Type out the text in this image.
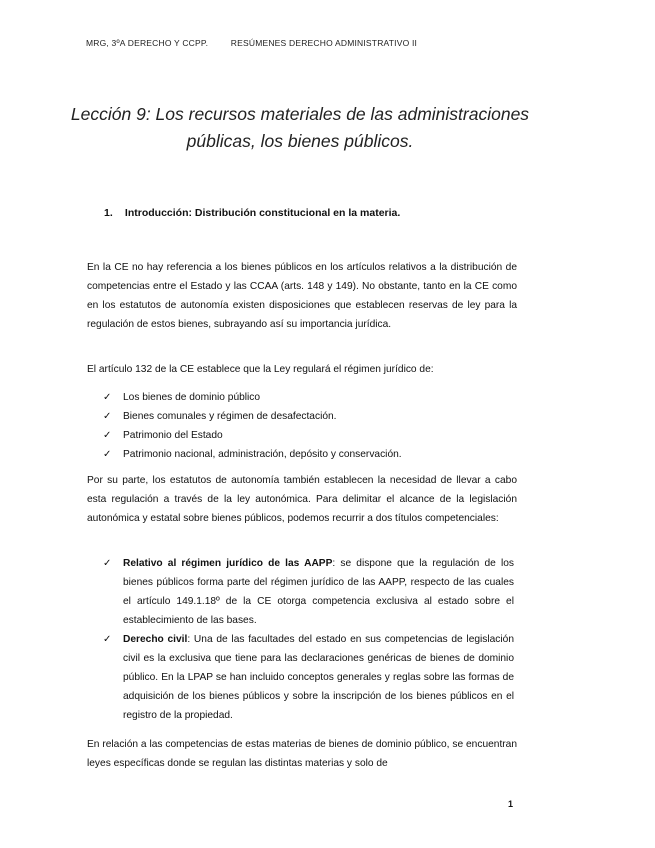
MRG, 3ºA DERECHO Y CCPP.	RESÚMENES DERECHO ADMINISTRATIVO II
Lección 9: Los recursos materiales de las administraciones públicas, los bienes públicos.
1. Introducción: Distribución constitucional en la materia.

En la CE no hay referencia a los bienes públicos en los artículos relativos a la distribución de competencias entre el Estado y las CCAA (arts. 148 y 149). No obstante, tanto en la CE como en los estatutos de autonomía existen disposiciones que establecen reservas de ley para la regulación de estos bienes, subrayando así su importancia jurídica.

El artículo 132 de la CE establece que la Ley regulará el régimen jurídico de:

✓ Los bienes de dominio público
✓ Bienes comunales y régimen de desafectación.
✓ Patrimonio del Estado
✓ Patrimonio nacional, administración, depósito y conservación.

Por su parte, los estatutos de autonomía también establecen la necesidad de llevar a cabo esta regulación a través de la ley autonómica. Para delimitar el alcance de la legislación autonómica y estatal sobre bienes públicos, podemos recurrir a dos títulos competenciales:

✓ Relativo al régimen jurídico de las AAPP: se dispone que la regulación de los bienes públicos forma parte del régimen jurídico de las AAPP, respecto de las cuales el artículo 149.1.18º de la CE otorga competencia exclusiva al estado sobre el establecimiento de las bases.
✓ Derecho civil: Una de las facultades del estado en sus competencias de legislación civil es la exclusiva que tiene para las declaraciones genéricas de bienes de dominio público. En la LPAP se han incluido conceptos generales y reglas sobre las formas de adquisición de los bienes públicos y sobre la inscripción de los bienes públicos en el registro de la propiedad.

En relación a las competencias de estas materias de bienes de dominio público, se encuentran leyes específicas donde se regulan las distintas materias y solo de

1
